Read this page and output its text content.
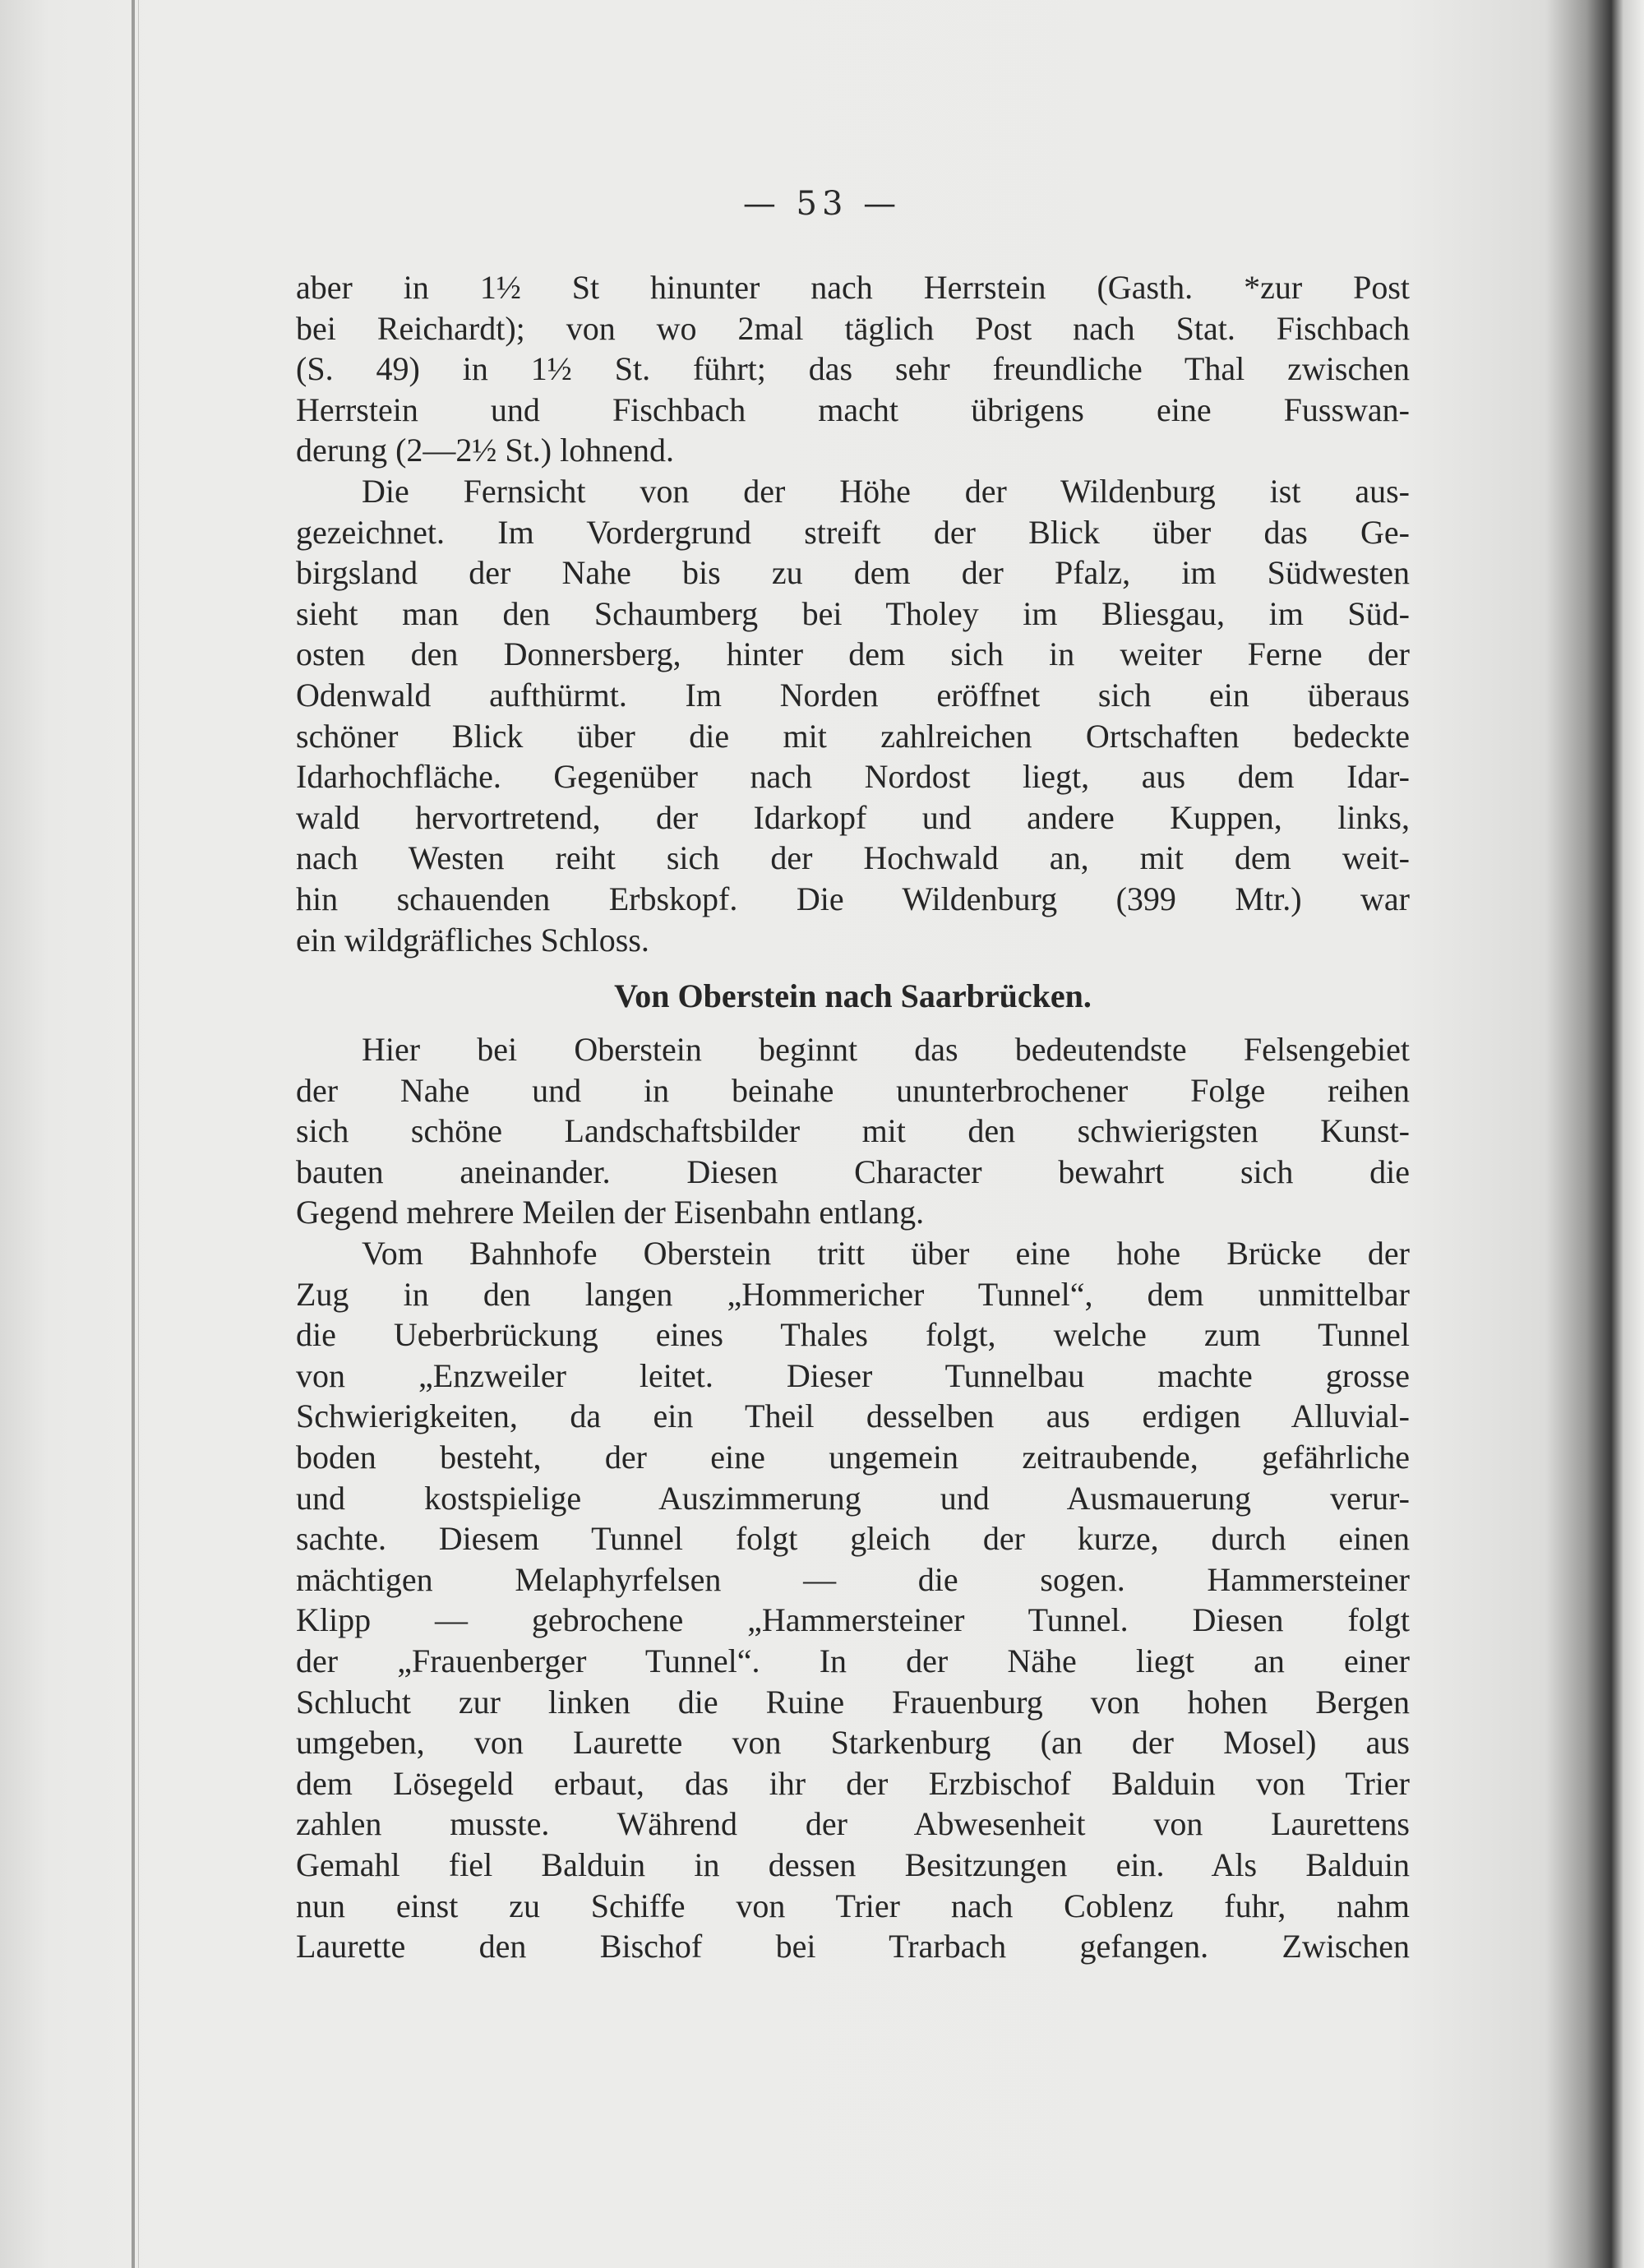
— 53 —
aber in 1½ St hinunter nach Herrstein (Gasth. *zur Post
bei Reichardt); von wo 2mal täglich Post nach Stat. Fischbach
(S. 49) in 1½ St. führt; das sehr freundliche Thal zwischen
Herrstein und Fischbach macht übrigens eine Fusswan-
derung (2—2½ St.) lohnend.
Die Fernsicht von der Höhe der Wildenburg ist aus-
gezeichnet. Im Vordergrund streift der Blick über das Ge-
birgsland der Nahe bis zu dem der Pfalz, im Südwesten
sieht man den Schaumberg bei Tholey im Bliesgau, im Süd-
osten den Donnersberg, hinter dem sich in weiter Ferne der
Odenwald aufthürmt. Im Norden eröffnet sich ein überaus
schöner Blick über die mit zahlreichen Ortschaften bedeckte
Idarhochfläche. Gegenüber nach Nordost liegt, aus dem Idar-
wald hervortretend, der Idarkopf und andere Kuppen, links,
nach Westen reiht sich der Hochwald an, mit dem weit-
hin schauenden Erbskopf. Die Wildenburg (399 Mtr.) war
ein wildgräfliches Schloss.
Von Oberstein nach Saarbrücken.
Hier bei Oberstein beginnt das bedeutendste Felsengebiet
der Nahe und in beinahe ununterbrochener Folge reihen
sich schöne Landschaftsbilder mit den schwierigsten Kunst-
bauten aneinander. Diesen Character bewahrt sich die
Gegend mehrere Meilen der Eisenbahn entlang.
Vom Bahnhofe Oberstein tritt über eine hohe Brücke der
Zug in den langen „Hommericher Tunnel“, dem unmittelbar
die Ueberbrückung eines Thales folgt, welche zum Tunnel
von „Enzweiler leitet. Dieser Tunnelbau machte grosse
Schwierigkeiten, da ein Theil desselben aus erdigen Alluvial-
boden besteht, der eine ungemein zeitraubende, gefährliche
und kostspielige Auszimmerung und Ausmauerung verur-
sachte. Diesem Tunnel folgt gleich der kurze, durch einen
mächtigen Melaphyrfelsen — die sogen. Hammersteiner
Klipp — gebrochene „Hammersteiner Tunnel. Diesen folgt
der „Frauenberger Tunnel“. In der Nähe liegt an einer
Schlucht zur linken die Ruine Frauenburg von hohen Bergen
umgeben, von Laurette von Starkenburg (an der Mosel) aus
dem Lösegeld erbaut, das ihr der Erzbischof Balduin von Trier
zahlen musste. Während der Abwesenheit von Laurettens
Gemahl fiel Balduin in dessen Besitzungen ein. Als Balduin
nun einst zu Schiffe von Trier nach Coblenz fuhr, nahm
Laurette den Bischof bei Trarbach gefangen. Zwischen
